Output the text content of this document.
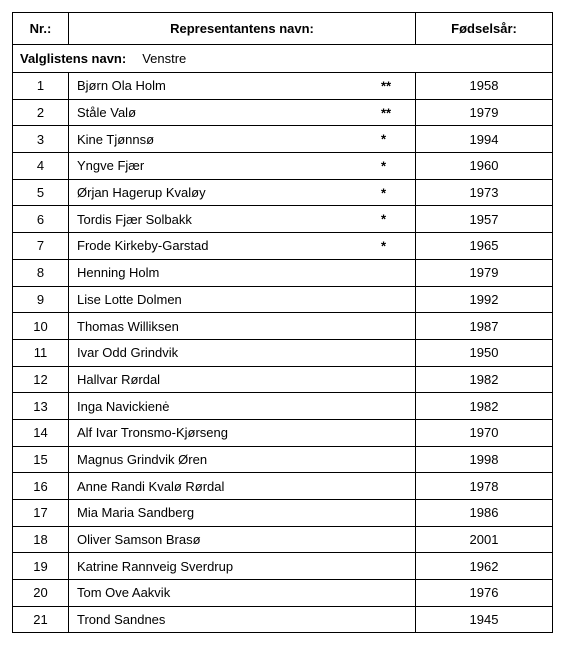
Valglistens navn: Venstre		
Nr.:	Representantens navn:	Fødselsår:
1	Bjørn Ola Holm **	1958
2	Ståle Valø **	1979
3	Kine Tjønnsø *	1994
4	Yngve Fjær *	1960
5	Ørjan Hagerup Kvaløy *	1973
6	Tordis Fjær Solbakk *	1957
7	Frode Kirkeby-Garstad *	1965
8	Henning Holm	1979
9	Lise Lotte Dolmen	1992
10	Thomas Williksen	1987
11	Ivar Odd Grindvik	1950
12	Hallvar Rørdal	1982
13	Inga Navickienė	1982
14	Alf Ivar Tronsmo-Kjørseng	1970
15	Magnus Grindvik Øren	1998
16	Anne Randi Kvalø Rørdal	1978
17	Mia Maria Sandberg	1986
18	Oliver Samson Brasø	2001
19	Katrine Rannveig Sverdrup	1962
20	Tom Ove Aakvik	1976
21	Trond Sandnes	1945
